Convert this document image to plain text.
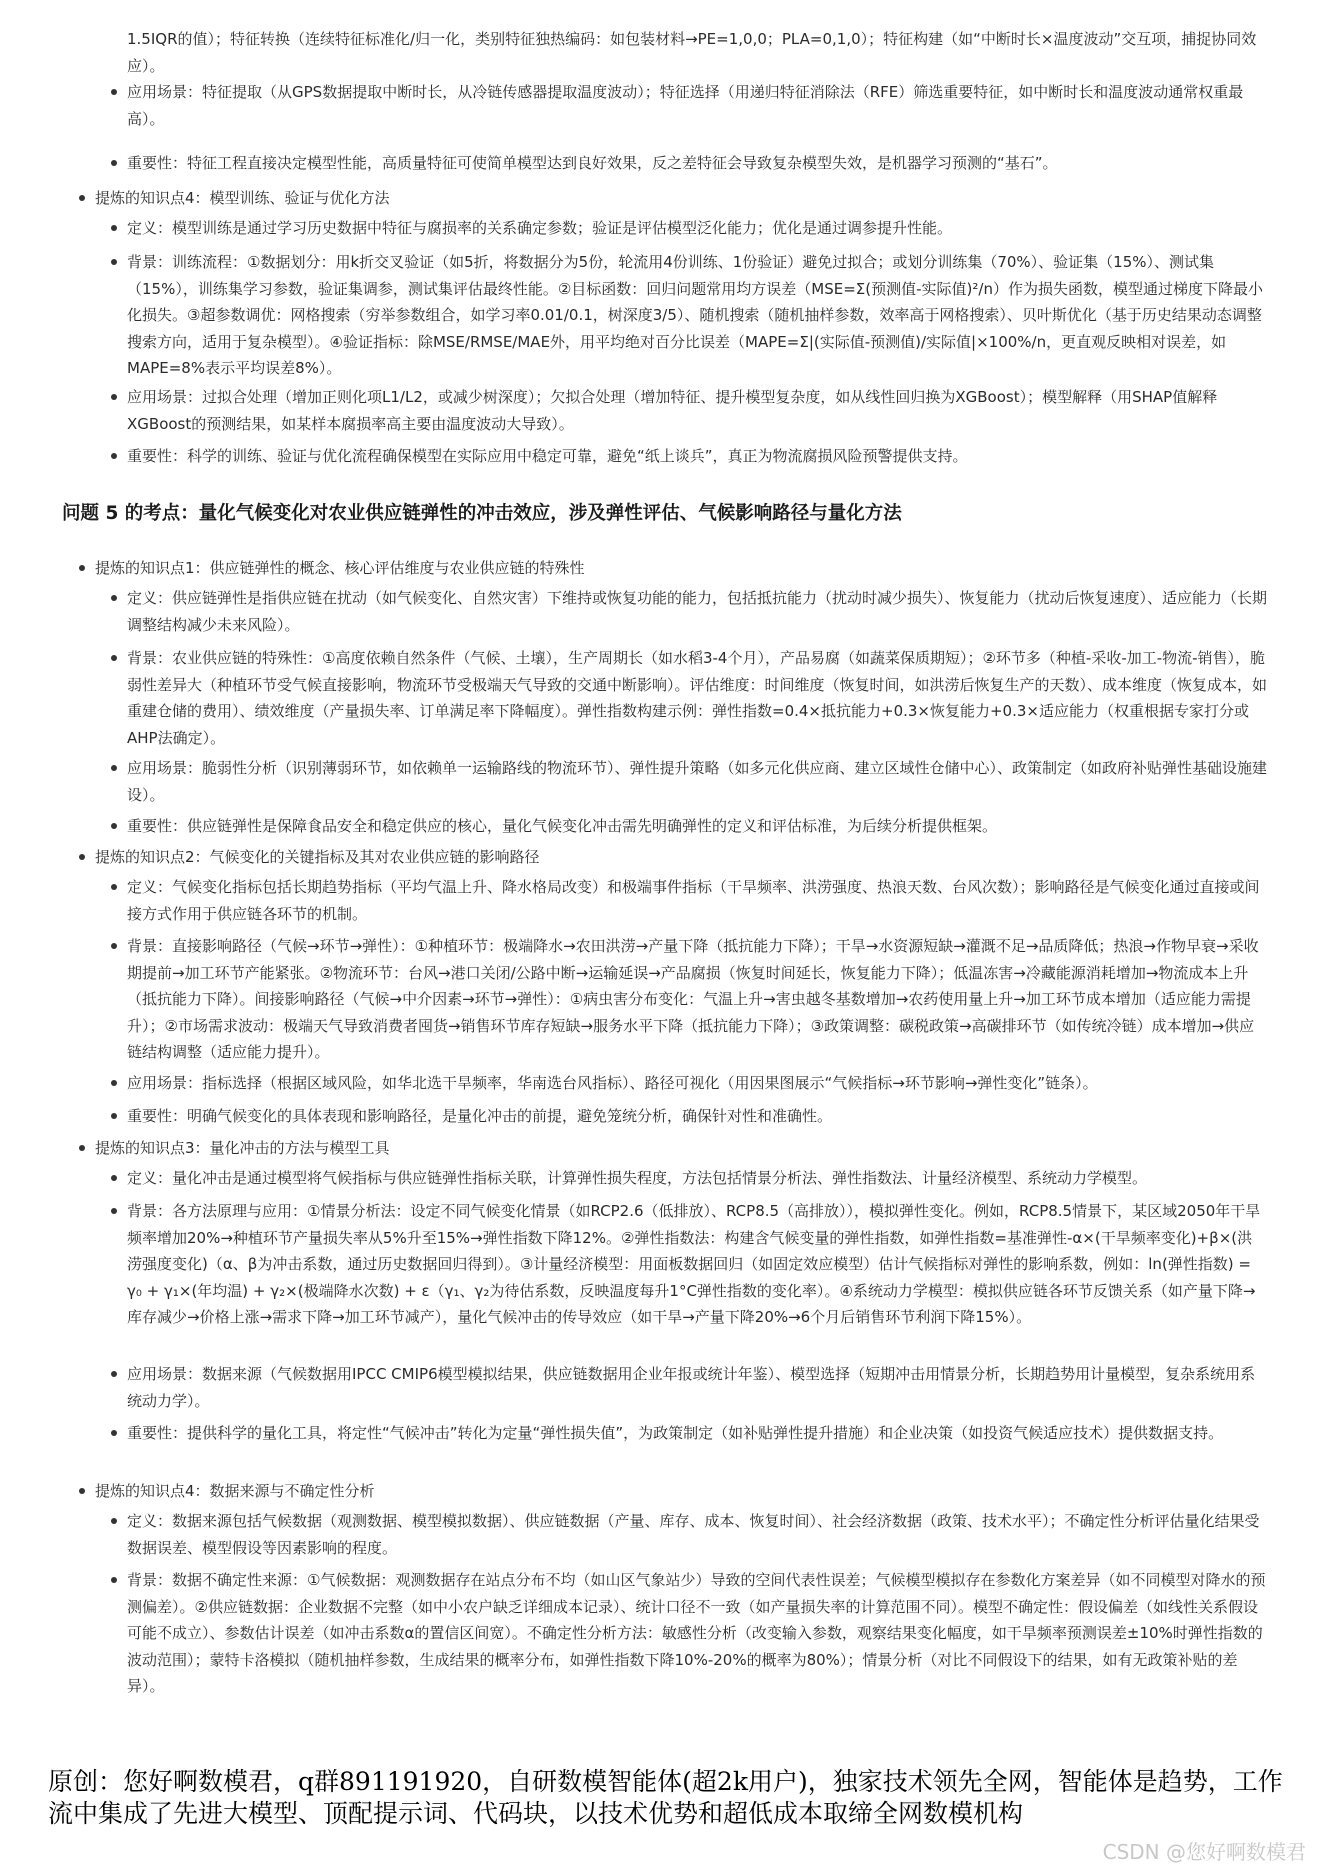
1.5IQR的值）；特征转换（连续特征标准化/归一化，类别特征独热编码：如包装材料→PE=1,0,0；PLA=0,1,0）；特征构建（如“中断时长×温度波动”交互项，捕捉协同效应）。
应用场景：特征提取（从GPS数据提取中断时长，从冷链传感器提取温度波动）；特征选择（用递归特征消除法（RFE）筛选重要特征，如中断时长和温度波动通常权重最高）。
重要性：特征工程直接决定模型性能，高质量特征可使简单模型达到良好效果，反之差特征会导致复杂模型失效，是机器学习预测的“基石”。
提炼的知识点4：模型训练、验证与优化方法
定义：模型训练是通过学习历史数据中特征与腐损率的关系确定参数；验证是评估模型泛化能力；优化是通过调参提升性能。
背景：训练流程：①数据划分：用k折交叉验证（如5折，将数据分为5份，轮流用4份训练、1份验证）避免过拟合；或划分训练集（70%）、验证集（15%）、测试集（15%），训练集学习参数，验证集调参，测试集评估最终性能。②目标函数：回归问题常用均方误差（MSE=Σ(预测值-实际值)²/n）作为损失函数，模型通过梯度下降最小化损失。③超参数调优：网格搜索（穷举参数组合，如学习率0.01/0.1，树深度3/5）、随机搜索（随机抽样参数，效率高于网格搜索）、贝叶斯优化（基于历史结果动态调整搜索方向，适用于复杂模型）。④验证指标：除MSE/RMSE/MAE外，用平均绝对百分比误差（MAPE=Σ|(实际值-预测值)/实际值|×100%/n，更直观反映相对误差，如MAPE=8%表示平均误差8%）。
应用场景：过拟合处理（增加正则化项L1/L2，或减少树深度）；欠拟合处理（增加特征、提升模型复杂度，如从线性回归换为XGBoost）；模型解释（用SHAP值解释XGBoost的预测结果，如某样本腐损率高主要由温度波动大导致）。
重要性：科学的训练、验证与优化流程确保模型在实际应用中稳定可靠，避免“纸上谈兵”，真正为物流腐损风险预警提供支持。
问题 5 的考点：量化气候变化对农业供应链弹性的冲击效应，涉及弹性评估、气候影响路径与量化方法
提炼的知识点1：供应链弹性的概念、核心评估维度与农业供应链的特殊性
定义：供应链弹性是指供应链在扰动（如气候变化、自然灾害）下维持或恢复功能的能力，包括抵抗能力（扰动时减少损失）、恢复能力（扰动后恢复速度）、适应能力（长期调整结构减少未来风险）。
背景：农业供应链的特殊性：①高度依赖自然条件（气候、土壤），生产周期长（如水稻3-4个月），产品易腐（如蔬菜保质期短）；②环节多（种植-采收-加工-物流-销售），脆弱性差异大（种植环节受气候直接影响，物流环节受极端天气导致的交通中断影响）。评估维度：时间维度（恢复时间，如洪涝后恢复生产的天数）、成本维度（恢复成本，如重建仓储的费用）、绩效维度（产量损失率、订单满足率下降幅度）。弹性指数构建示例：弹性指数=0.4×抵抗能力+0.3×恢复能力+0.3×适应能力（权重根据专家打分或AHP法确定）。
应用场景：脆弱性分析（识别薄弱环节，如依赖单一运输路线的物流环节）、弹性提升策略（如多元化供应商、建立区域性仓储中心）、政策制定（如政府补贴弹性基础设施建设）。
重要性：供应链弹性是保障食品安全和稳定供应的核心，量化气候变化冲击需先明确弹性的定义和评估标准，为后续分析提供框架。
提炼的知识点2：气候变化的关键指标及其对农业供应链的影响路径
定义：气候变化指标包括长期趋势指标（平均气温上升、降水格局改变）和极端事件指标（干旱频率、洪涝强度、热浪天数、台风次数）；影响路径是气候变化通过直接或间接方式作用于供应链各环节的机制。
背景：直接影响路径（气候→环节→弹性）：①种植环节：极端降水→农田洪涝→产量下降（抵抗能力下降）；干旱→水资源短缺→灌溉不足→品质降低；热浪→作物早衰→采收期提前→加工环节产能紧张。②物流环节：台风→港口关闭/公路中断→运输延误→产品腐损（恢复时间延长，恢复能力下降）；低温冻害→冷藏能源消耗增加→物流成本上升（抵抗能力下降）。间接影响路径（气候→中介因素→环节→弹性）：①病虫害分布变化：气温上升→害虫越冬基数增加→农药使用量上升→加工环节成本增加（适应能力需提升）；②市场需求波动：极端天气导致消费者囤货→销售环节库存短缺→服务水平下降（抵抗能力下降）；③政策调整：碳税政策→高碳排环节（如传统冷链）成本增加→供应链结构调整（适应能力提升）。
应用场景：指标选择（根据区域风险，如华北选干旱频率，华南选台风指标）、路径可视化（用因果图展示“气候指标→环节影响→弹性变化”链条）。
重要性：明确气候变化的具体表现和影响路径，是量化冲击的前提，避免笼统分析，确保针对性和准确性。
提炼的知识点3：量化冲击的方法与模型工具
定义：量化冲击是通过模型将气候指标与供应链弹性指标关联，计算弹性损失程度，方法包括情景分析法、弹性指数法、计量经济模型、系统动力学模型。
背景：各方法原理与应用：①情景分析法：设定不同气候变化情景（如RCP2.6（低排放）、RCP8.5（高排放）），模拟弹性变化。例如，RCP8.5情景下，某区域2050年干旱频率增加20%→种植环节产量损失率从5%升至15%→弹性指数下降12%。②弹性指数法：构建含气候变量的弹性指数，如弹性指数=基准弹性-α×(干旱频率变化)+β×(洪涝强度变化)（α、β为冲击系数，通过历史数据回归得到）。③计量经济模型：用面板数据回归（如固定效应模型）估计气候指标对弹性的影响系数，例如：ln(弹性指数) = γ₀ + γ₁×(年均温) + γ₂×(极端降水次数) + ε（γ₁、γ₂为待估系数，反映温度每升1°C弹性指数的变化率）。④系统动力学模型：模拟供应链各环节反馈关系（如产量下降→库存减少→价格上涨→需求下降→加工环节减产），量化气候冲击的传导效应（如干旱→产量下降20%→6个月后销售环节利润下降15%）。
应用场景：数据来源（气候数据用IPCC CMIP6模型模拟结果，供应链数据用企业年报或统计年鉴）、模型选择（短期冲击用情景分析，长期趋势用计量模型，复杂系统用系统动力学）。
重要性：提供科学的量化工具，将定性“气候冲击”转化为定量“弹性损失值”，为政策制定（如补贴弹性提升措施）和企业决策（如投资气候适应技术）提供数据支持。
提炼的知识点4：数据来源与不确定性分析
定义：数据来源包括气候数据（观测数据、模型模拟数据）、供应链数据（产量、库存、成本、恢复时间）、社会经济数据（政策、技术水平）；不确定性分析评估量化结果受数据误差、模型假设等因素影响的程度。
背景：数据不确定性来源：①气候数据：观测数据存在站点分布不均（如山区气象站少）导致的空间代表性误差；气候模型模拟存在参数化方案差异（如不同模型对降水的预测偏差）。②供应链数据：企业数据不完整（如中小农户缺乏详细成本记录）、统计口径不一致（如产量损失率的计算范围不同）。模型不确定性：假设偏差（如线性关系假设可能不成立）、参数估计误差（如冲击系数α的置信区间宽）。不确定性分析方法：敏感性分析（改变输入参数，观察结果变化幅度，如干旱频率预测误差±10%时弹性指数的波动范围）；蒙特卡洛模拟（随机抽样参数，生成结果的概率分布，如弹性指数下降10%-20%的概率为80%）；情景分析（对比不同假设下的结果，如有无政策补贴的差异）。
原创：您好啊数模君，q群891191920，自研数模智能体(超2k用户)，独家技术领先全网，智能体是趋势，工作流中集成了先进大模型、顶配提示词、代码块，以技术优势和超低成本取缔全网数模机构
CSDN @您好啊数模君
